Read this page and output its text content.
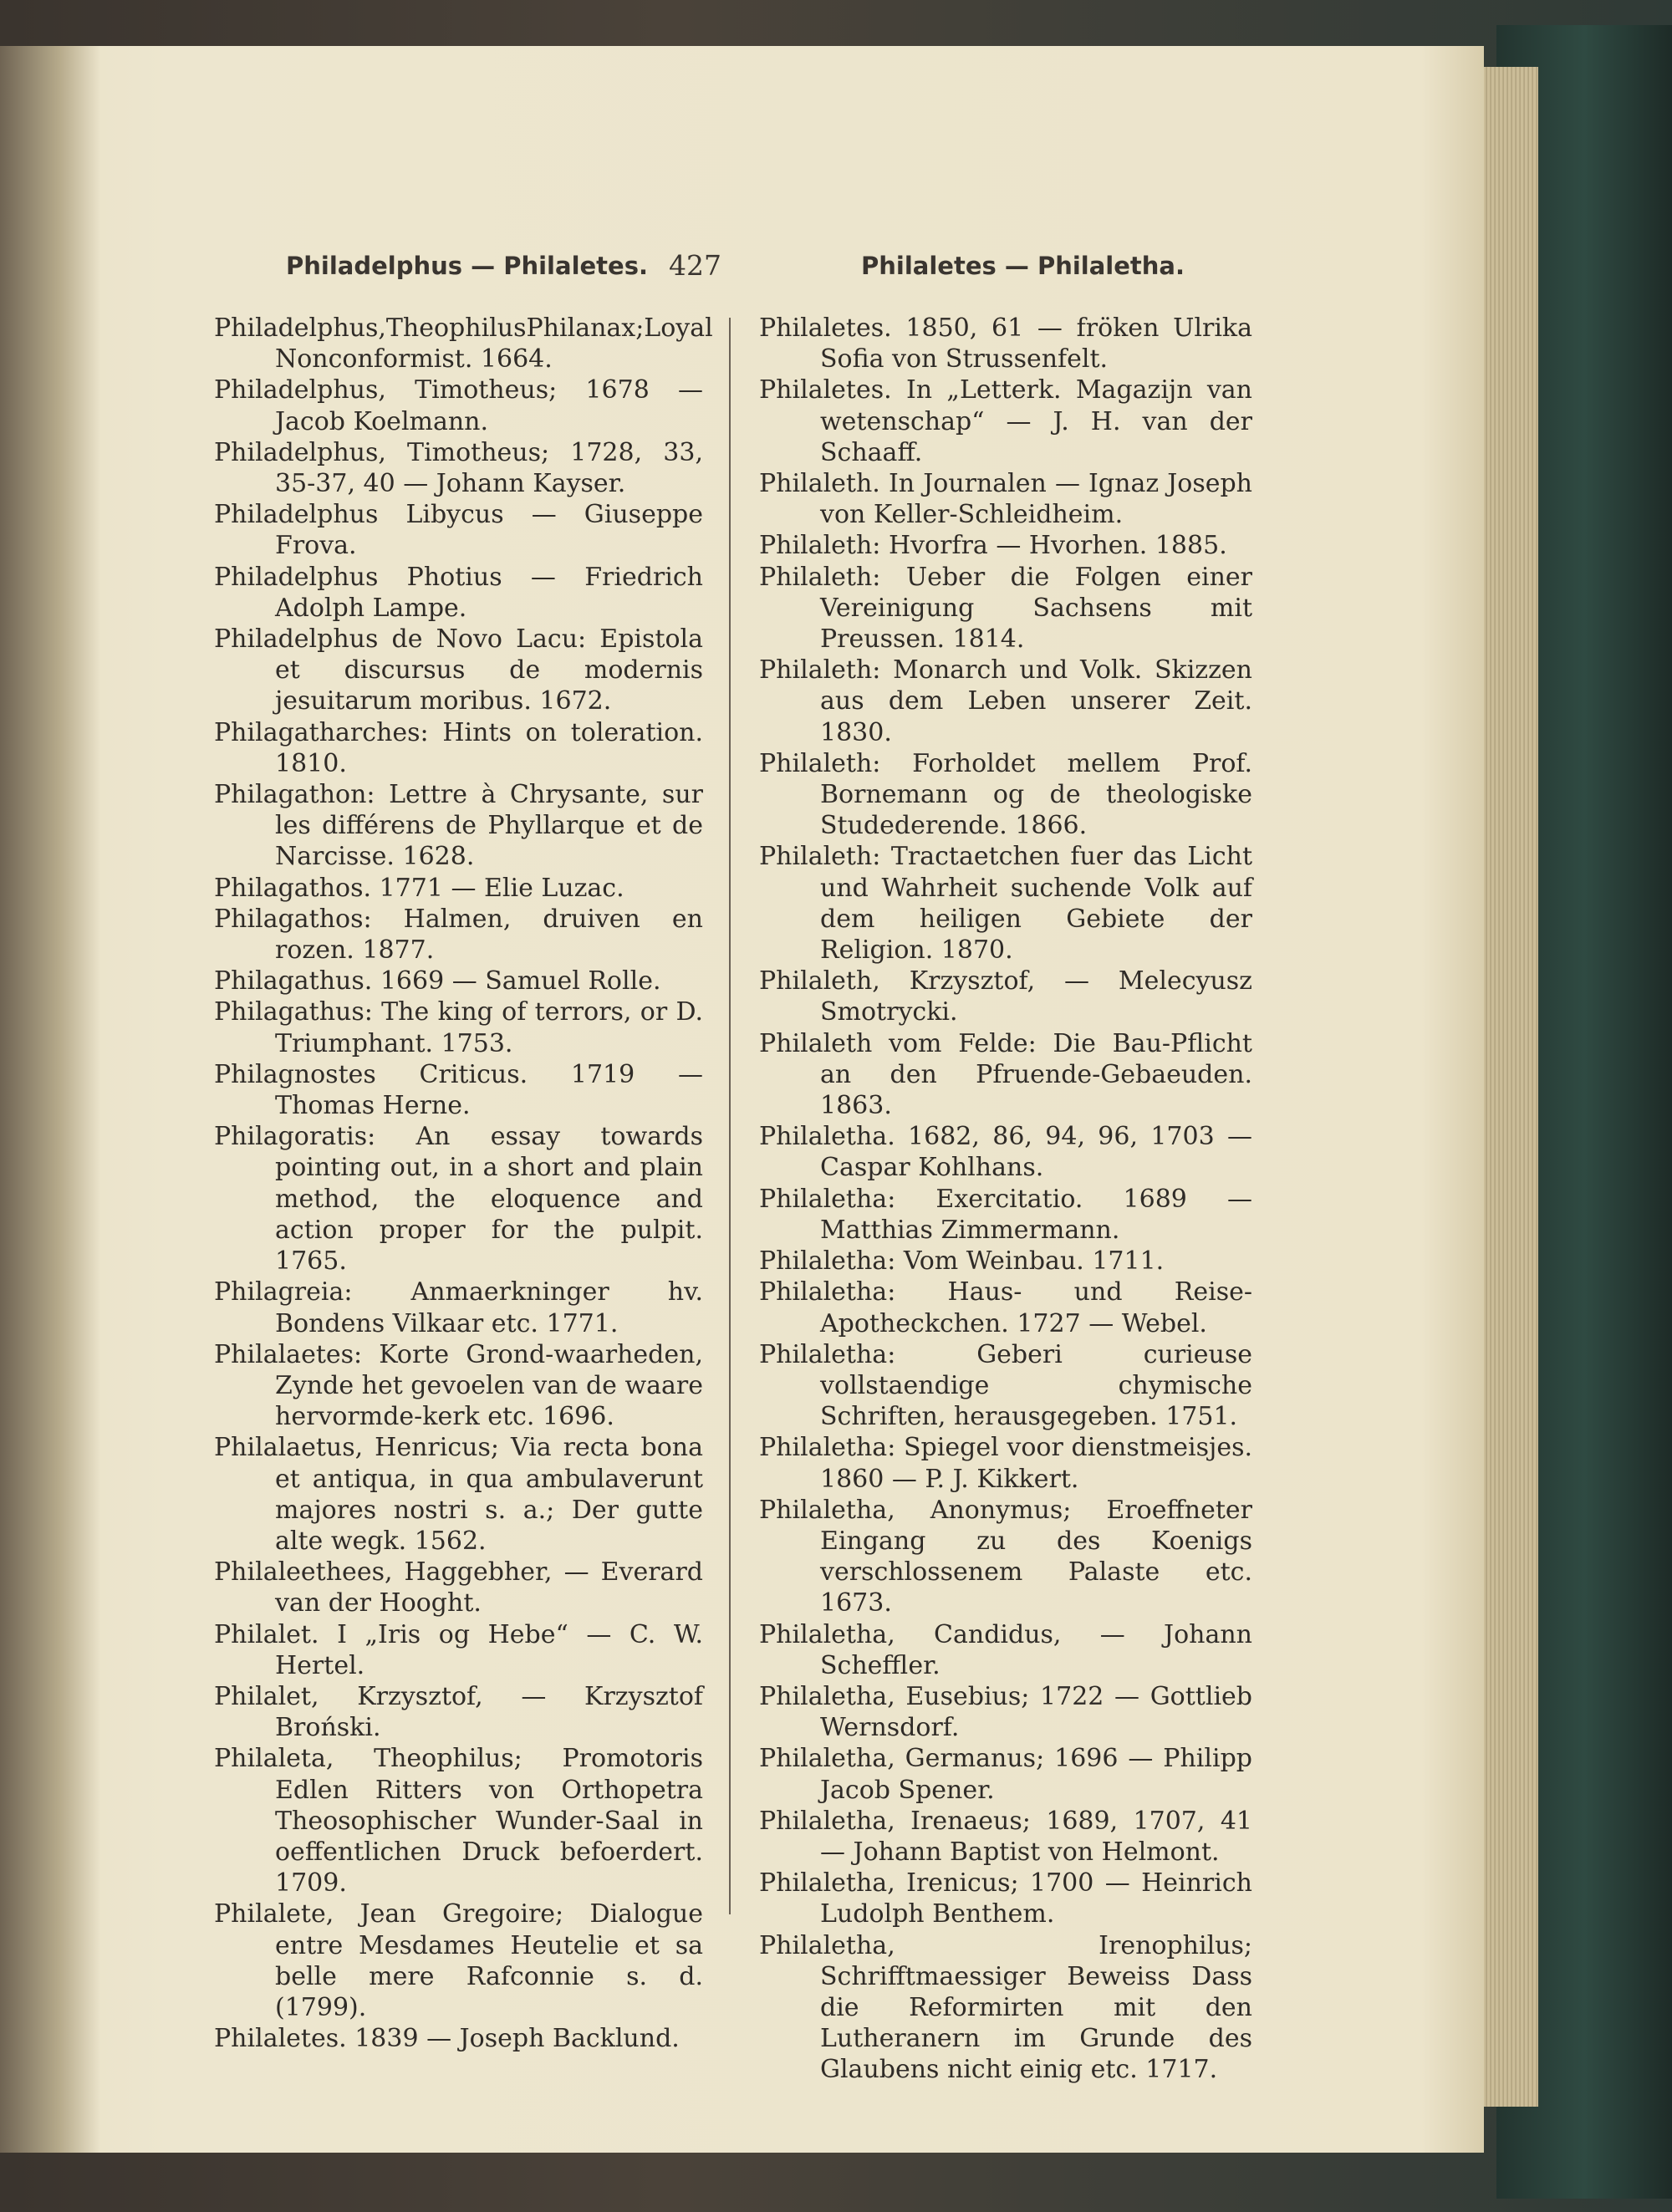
Philadelphus — Philaletes. 427	Philaletes — Philaletha.

Philadelphus,TheophilusPhilanax;Loyal Nonconformist. 1664.

Philadelphus, Timotheus; 1678 — Jacob Koelmann.

Philadelphus, Timotheus; 1728, 33, 35-37, 40 — Johann Kayser.

Philadelphus Libycus — Giuseppe Frova.

Philadelphus Photius — Friedrich Adolph Lampe.

Philadelphus de Novo Lacu: Epistola et discursus de modernis jesuitarum moribus. 1672.

Philagatharches: Hints on toleration. 1810.

Philagathon: Lettre à Chrysante, sur les différens de Phyllarque et de Narcisse. 1628.

Philagathos. 1771 — Elie Luzac.

Philagathos: Halmen, druiven en rozen. 1877.

Philagathus. 1669 — Samuel Rolle.

Philagathus: The king of terrors, or D. Triumphant. 1753.

Philagnostes Criticus. 1719 — Thomas Herne.

Philagoratis: An essay towards pointing out, in a short and plain method, the eloquence and action proper for the pulpit. 1765.

Philagreia: Anmaerkninger hv. Bondens Vilkaar etc. 1771.

Philalaetes: Korte Grond-waarheden, Zynde het gevoelen van de waare hervormde-kerk etc. 1696.

Philalaetus, Henricus; Via recta bona et antiqua, in qua ambulaverunt majores nostri s. a.; Der gutte alte wegk. 1562.

Philaleethees, Haggebher, — Everard van der Hooght.

Philalet. I „Iris og Hebe“ — C. W. Hertel.

Philalet, Krzysztof, — Krzysztof Broński.

Philaleta, Theophilus; Promotoris Edlen Ritters von Orthopetra Theosophischer Wunder-Saal in oeffentlichen Druck befoerdert. 1709.

Philalete, Jean Gregoire; Dialogue entre Mesdames Heutelie et sa belle mere Rafconnie s. d. (1799).

Philaletes. 1839 — Joseph Backlund.

Philaletes. 1850, 61 — fröken Ulrika Sofia von Strussenfelt.

Philaletes. In „Letterk. Magazijn van wetenschap“ — J. H. van der Schaaff.

Philaleth. In Journalen — Ignaz Joseph von Keller-Schleidheim.

Philaleth: Hvorfra — Hvorhen. 1885.

Philaleth: Ueber die Folgen einer Vereinigung Sachsens mit Preussen. 1814.

Philaleth: Monarch und Volk. Skizzen aus dem Leben unserer Zeit. 1830.

Philaleth: Forholdet mellem Prof. Bornemann og de theologiske Studederende. 1866.

Philaleth: Tractaetchen fuer das Licht und Wahrheit suchende Volk auf dem heiligen Gebiete der Religion. 1870.

Philaleth, Krzysztof, — Melecyusz Smotrycki.

Philaleth vom Felde: Die Bau-Pflicht an den Pfruende-Gebaeuden. 1863.

Philaletha. 1682, 86, 94, 96, 1703 — Caspar Kohlhans.

Philaletha: Exercitatio. 1689 — Matthias Zimmermann.

Philaletha: Vom Weinbau. 1711.

Philaletha: Haus- und Reise-Apotheckchen. 1727 — Webel.

Philaletha: Geberi curieuse vollstaendige chymische Schriften, herausgegeben. 1751.

Philaletha: Spiegel voor dienstmeisjes. 1860 — P. J. Kikkert.

Philaletha, Anonymus; Eroeffneter Eingang zu des Koenigs verschlossenem Palaste etc. 1673.

Philaletha, Candidus, — Johann Scheffler.

Philaletha, Eusebius; 1722 — Gottlieb Wernsdorf.

Philaletha, Germanus; 1696 — Philipp Jacob Spener.

Philaletha, Irenaeus; 1689, 1707, 41 — Johann Baptist von Helmont.

Philaletha, Irenicus; 1700 — Heinrich Ludolph Benthem.

Philaletha, Irenophilus; Schrifftmaessiger Beweiss Dass die Reformirten mit den Lutheranern im Grunde des Glaubens nicht einig etc. 1717.
